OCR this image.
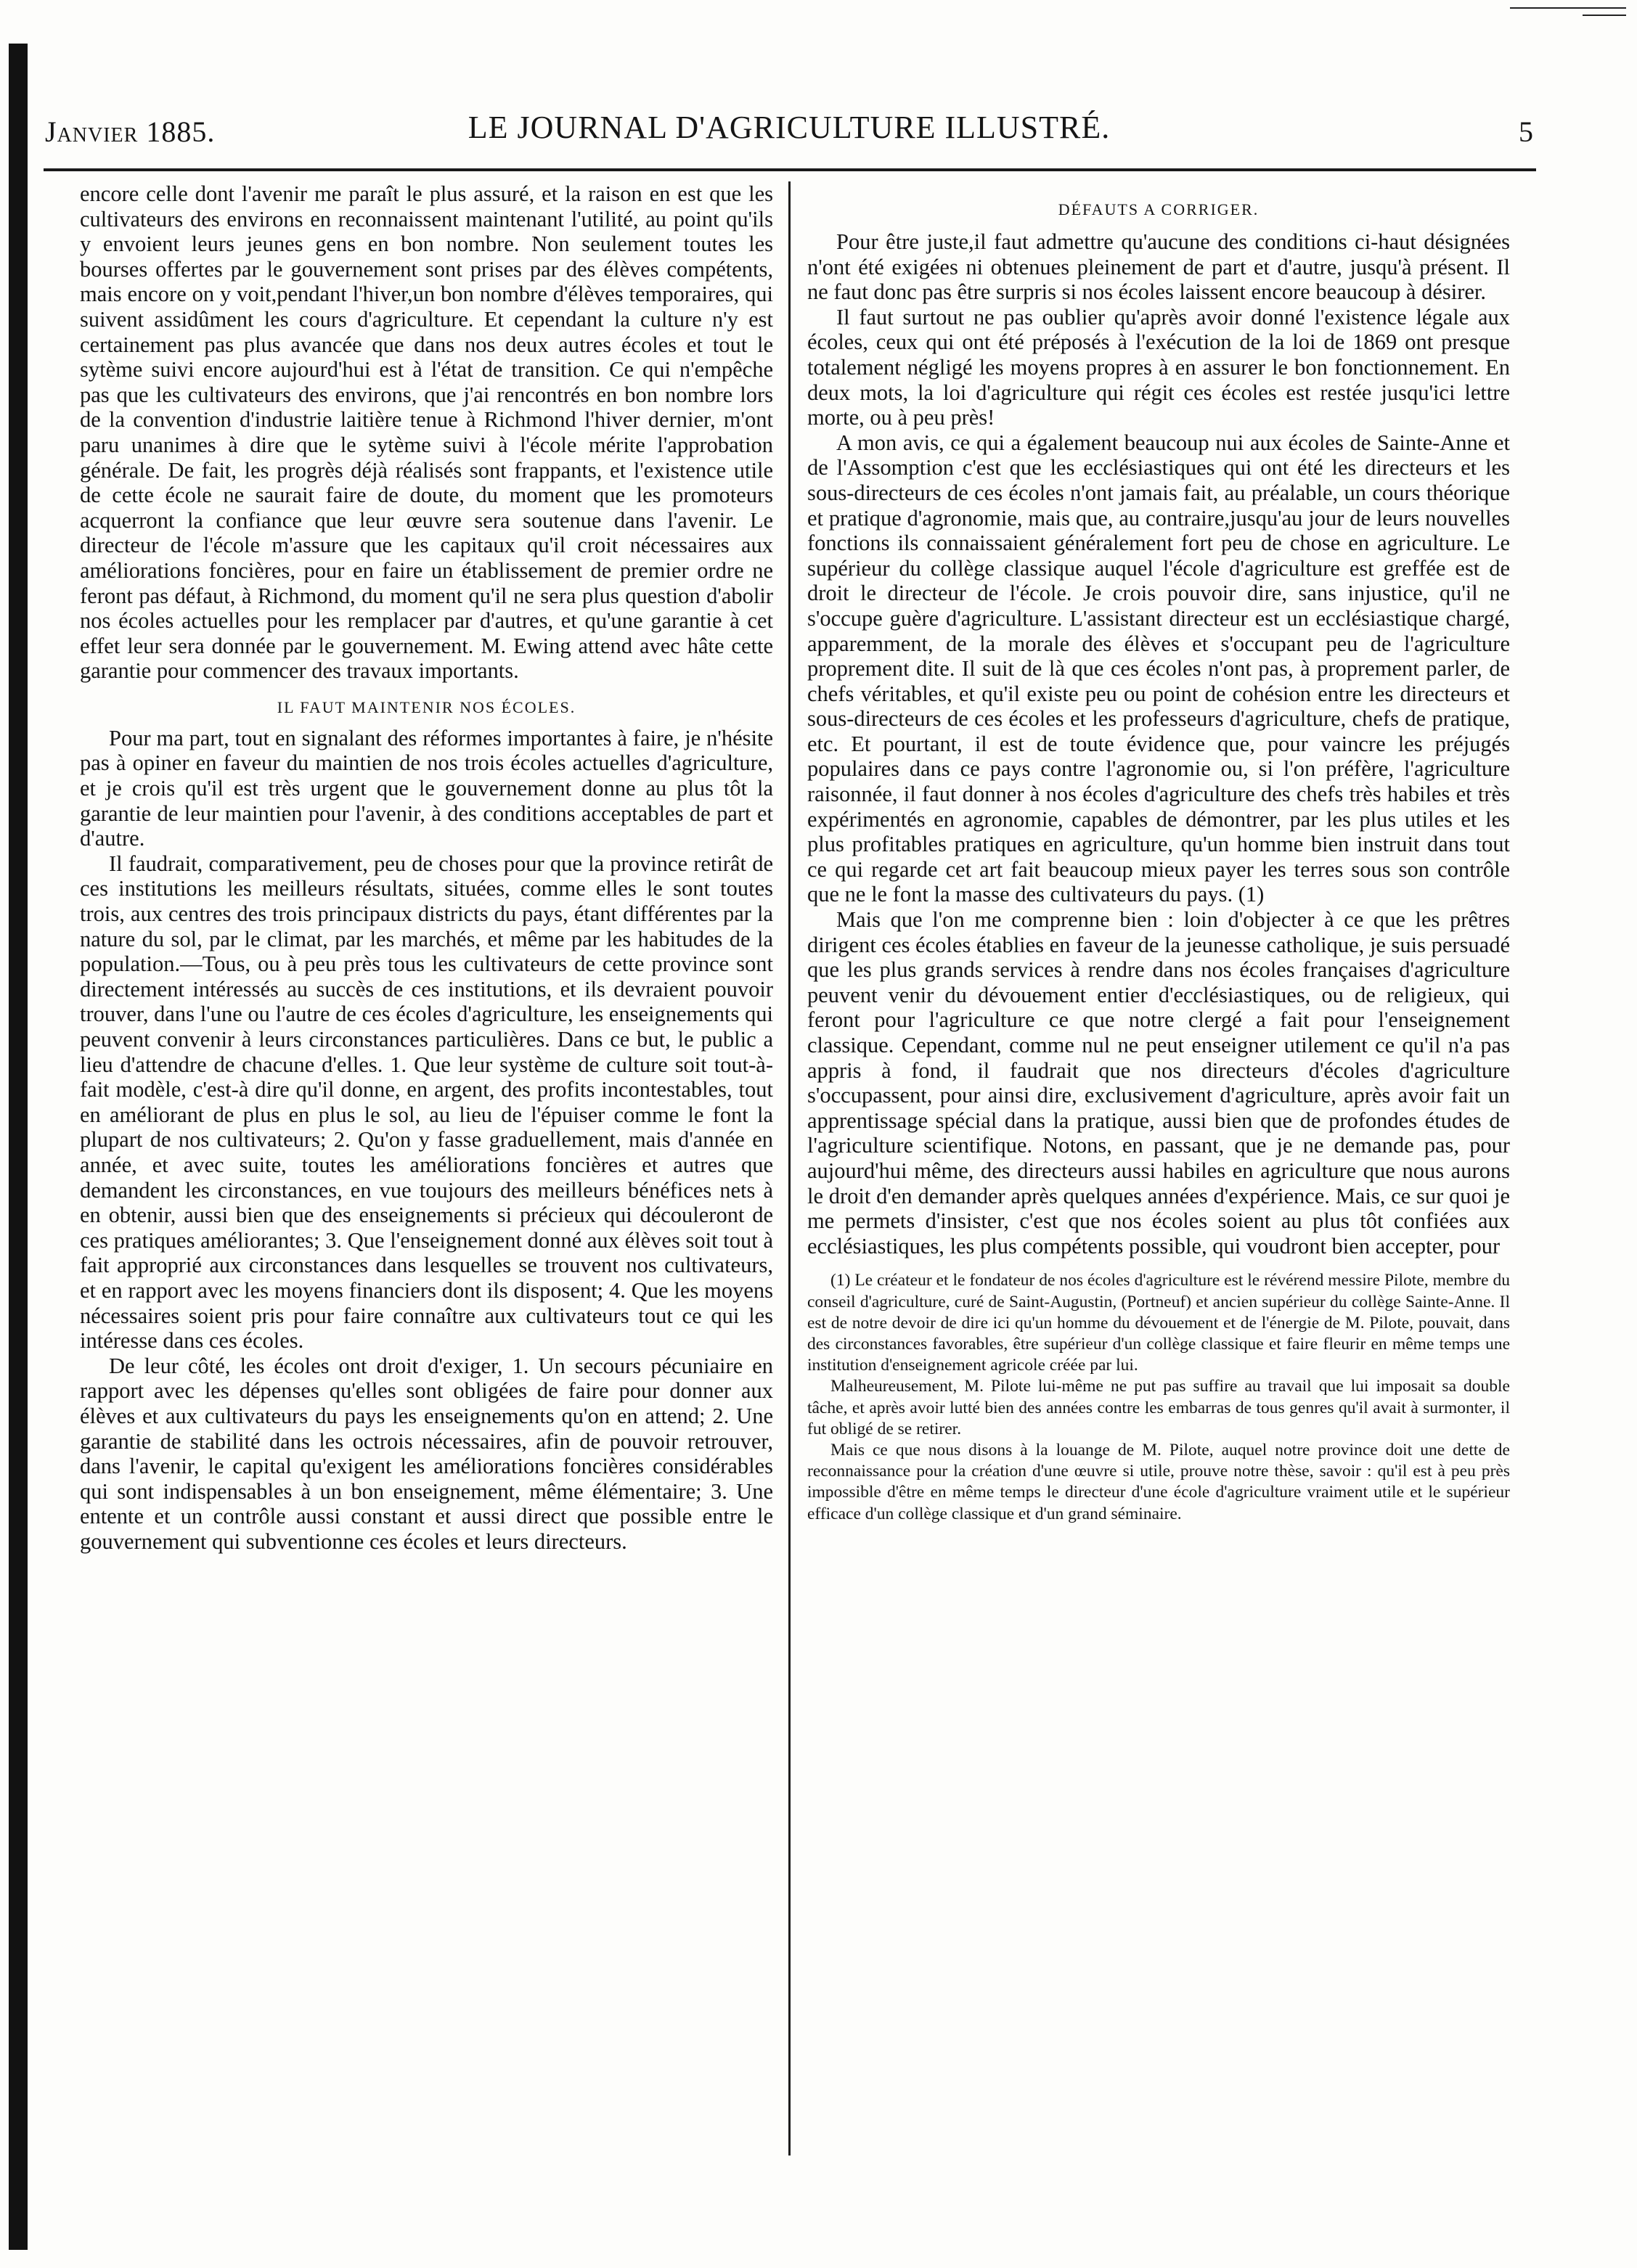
Janvier 1885.	LE JOURNAL D'AGRICULTURE ILLUSTRÉ.	5

encore celle dont l'avenir me paraît le plus assuré, et la raison en est que les cultivateurs des environs en reconnaissent maintenant l'utilité, au point qu'ils y envoient leurs jeunes gens en bon nombre. Non seulement toutes les bourses offertes par le gouvernement sont prises par des élèves compétents, mais encore on y voit,pendant l'hiver,un bon nombre d'élèves temporaires, qui suivent assidûment les cours d'agriculture. Et cependant la culture n'y est certainement pas plus avancée que dans nos deux autres écoles et tout le sytème suivi encore aujourd'hui est à l'état de transition. Ce qui n'empêche pas que les cultivateurs des environs, que j'ai rencontrés en bon nombre lors de la convention d'industrie laitière tenue à Richmond l'hiver dernier, m'ont paru unanimes à dire que le sytème suivi à l'école mérite l'approbation générale. De fait, les progrès déjà réalisés sont frappants, et l'existence utile de cette école ne saurait faire de doute, du moment que les promoteurs acquerront la confiance que leur œuvre sera soutenue dans l'avenir. Le directeur de l'école m'assure que les capitaux qu'il croit nécessaires aux améliorations foncières, pour en faire un établissement de premier ordre ne feront pas défaut, à Richmond, du moment qu'il ne sera plus question d'abolir nos écoles actuelles pour les remplacer par d'autres, et qu'une garantie à cet effet leur sera donnée par le gouvernement. M. Ewing attend avec hâte cette garantie pour commencer des travaux importants.

IL FAUT MAINTENIR NOS ÉCOLES.

Pour ma part, tout en signalant des réformes importantes à faire, je n'hésite pas à opiner en faveur du maintien de nos trois écoles actuelles d'agriculture, et je crois qu'il est très urgent que le gouvernement donne au plus tôt la garantie de leur maintien pour l'avenir, à des conditions acceptables de part et d'autre.

Il faudrait, comparativement, peu de choses pour que la province retirât de ces institutions les meilleurs résultats, situées, comme elles le sont toutes trois, aux centres des trois principaux districts du pays, étant différentes par la nature du sol, par le climat, par les marchés, et même par les habitudes de la population.—Tous, ou à peu près tous les cultivateurs de cette province sont directement intéressés au succès de ces institutions, et ils devraient pouvoir trouver, dans l'une ou l'autre de ces écoles d'agriculture, les enseignements qui peuvent convenir à leurs circonstances particulières. Dans ce but, le public a lieu d'attendre de chacune d'elles. 1. Que leur système de culture soit tout-à-fait modèle, c'est-à dire qu'il donne, en argent, des profits incontestables, tout en améliorant de plus en plus le sol, au lieu de l'épuiser comme le font la plupart de nos cultivateurs; 2. Qu'on y fasse graduellement, mais d'année en année, et avec suite, toutes les améliorations foncières et autres que demandent les circonstances, en vue toujours des meilleurs bénéfices nets à en obtenir, aussi bien que des enseignements si précieux qui découleront de ces pratiques améliorantes; 3. Que l'enseignement donné aux élèves soit tout à fait approprié aux circonstances dans lesquelles se trouvent nos cultivateurs, et en rapport avec les moyens financiers dont ils disposent; 4. Que les moyens nécessaires soient pris pour faire connaître aux cultivateurs tout ce qui les intéresse dans ces écoles.

De leur côté, les écoles ont droit d'exiger, 1. Un secours pécuniaire en rapport avec les dépenses qu'elles sont obligées de faire pour donner aux élèves et aux cultivateurs du pays les enseignements qu'on en attend; 2. Une garantie de stabilité dans les octrois nécessaires, afin de pouvoir retrouver, dans l'avenir, le capital qu'exigent les améliorations foncières considérables qui sont indispensables à un bon enseignement, même élémentaire; 3. Une entente et un contrôle aussi constant et aussi direct que possible entre le gouvernement qui subventionne ces écoles et leurs directeurs.

DÉFAUTS A CORRIGER.

Pour être juste,il faut admettre qu'aucune des conditions ci-haut désignées n'ont été exigées ni obtenues pleinement de part et d'autre, jusqu'à présent. Il ne faut donc pas être surpris si nos écoles laissent encore beaucoup à désirer.

Il faut surtout ne pas oublier qu'après avoir donné l'existence légale aux écoles, ceux qui ont été préposés à l'exécution de la loi de 1869 ont presque totalement négligé les moyens propres à en assurer le bon fonctionnement. En deux mots, la loi d'agriculture qui régit ces écoles est restée jusqu'ici lettre morte, ou à peu près!

A mon avis, ce qui a également beaucoup nui aux écoles de Sainte-Anne et de l'Assomption c'est que les ecclésiastiques qui ont été les directeurs et les sous-directeurs de ces écoles n'ont jamais fait, au préalable, un cours théorique et pratique d'agronomie, mais que, au contraire,jusqu'au jour de leurs nouvelles fonctions ils connaissaient généralement fort peu de chose en agriculture. Le supérieur du collège classique auquel l'école d'agriculture est greffée est de droit le directeur de l'école. Je crois pouvoir dire, sans injustice, qu'il ne s'occupe guère d'agriculture. L'assistant directeur est un ecclésiastique chargé, apparemment, de la morale des élèves et s'occupant peu de l'agriculture proprement dite. Il suit de là que ces écoles n'ont pas, à proprement parler, de chefs véritables, et qu'il existe peu ou point de cohésion entre les directeurs et sous-directeurs de ces écoles et les professeurs d'agriculture, chefs de pratique, etc. Et pourtant, il est de toute évidence que, pour vaincre les préjugés populaires dans ce pays contre l'agronomie ou, si l'on préfère, l'agriculture raisonnée, il faut donner à nos écoles d'agriculture des chefs très habiles et très expérimentés en agronomie, capables de démontrer, par les plus utiles et les plus profitables pratiques en agriculture, qu'un homme bien instruit dans tout ce qui regarde cet art fait beaucoup mieux payer les terres sous son contrôle que ne le font la masse des cultivateurs du pays. (1)

Mais que l'on me comprenne bien : loin d'objecter à ce que les prêtres dirigent ces écoles établies en faveur de la jeunesse catholique, je suis persuadé que les plus grands services à rendre dans nos écoles françaises d'agriculture peuvent venir du dévouement entier d'ecclésiastiques, ou de religieux, qui feront pour l'agriculture ce que notre clergé a fait pour l'enseignement classique. Cependant, comme nul ne peut enseigner utilement ce qu'il n'a pas appris à fond, il faudrait que nos directeurs d'écoles d'agriculture s'occupassent, pour ainsi dire, exclusivement d'agriculture, après avoir fait un apprentissage spécial dans la pratique, aussi bien que de profondes études de l'agriculture scientifique. Notons, en passant, que je ne demande pas, pour aujourd'hui même, des directeurs aussi habiles en agriculture que nous aurons le droit d'en demander après quelques années d'expérience. Mais, ce sur quoi je me permets d'insister, c'est que nos écoles soient au plus tôt confiées aux ecclésiastiques, les plus compétents possible, qui voudront bien accepter, pour

(1) Le créateur et le fondateur de nos écoles d'agriculture est le révérend messire Pilote, membre du conseil d'agriculture, curé de Saint-Augustin, (Portneuf) et ancien supérieur du collège Sainte-Anne. Il est de notre devoir de dire ici qu'un homme du dévouement et de l'énergie de M. Pilote, pouvait, dans des circonstances favorables, être supérieur d'un collège classique et faire fleurir en même temps une institution d'enseignement agricole créée par lui.

Malheureusement, M. Pilote lui-même ne put pas suffire au travail que lui imposait sa double tâche, et après avoir lutté bien des années contre les embarras de tous genres qu'il avait à surmonter, il fut obligé de se retirer.

Mais ce que nous disons à la louange de M. Pilote, auquel notre province doit une dette de reconnaissance pour la création d'une œuvre si utile, prouve notre thèse, savoir : qu'il est à peu près impossible d'être en même temps le directeur d'une école d'agriculture vraiment utile et le supérieur efficace d'un collège classique et d'un grand séminaire.
